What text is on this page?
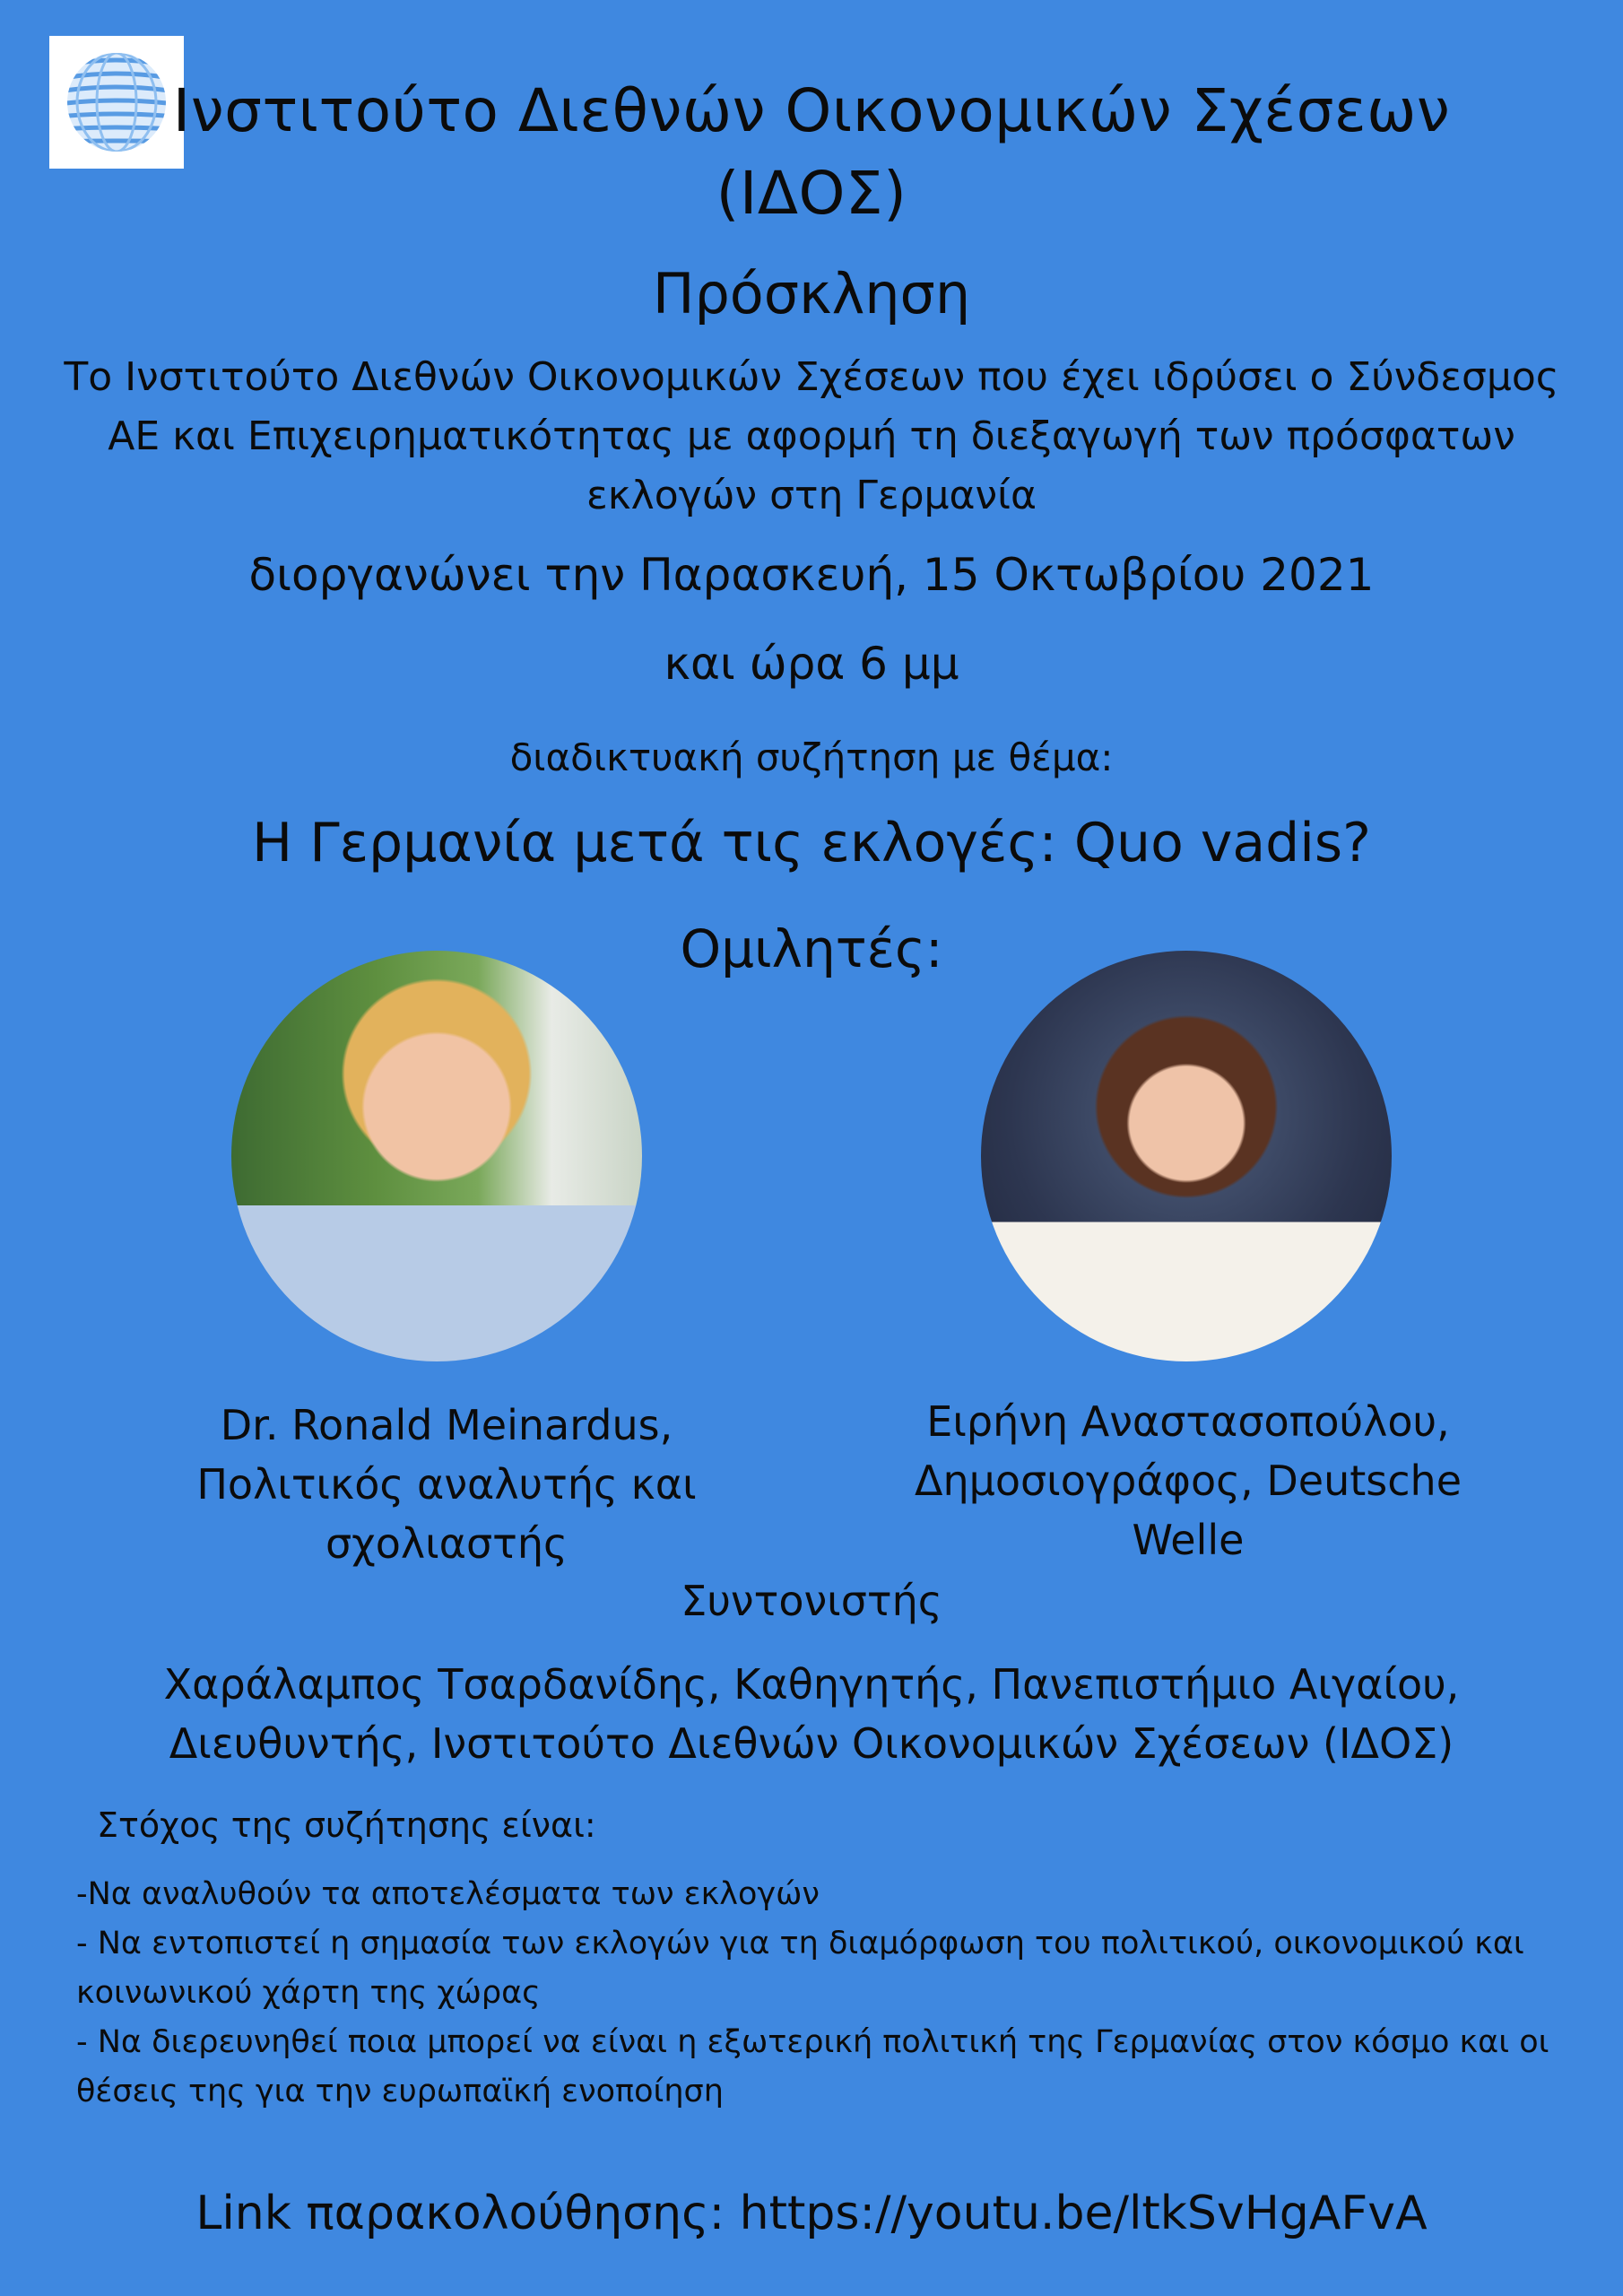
Ινστιτούτο Διεθνών Οικονομικών Σχέσεων
(ΙΔΟΣ)
Πρόσκληση
Το Ινστιτούτο Διεθνών Οικονομικών Σχέσεων που έχει ιδρύσει ο Σύνδεσμος
ΑΕ και Επιχειρηματικότητας με αφορμή τη διεξαγωγή των πρόσφατων
εκλογών στη Γερμανία
διοργανώνει την Παρασκευή, 15 Οκτωβρίου 2021
και ώρα 6 μμ
διαδικτυακή συζήτηση με θέμα:
Η Γερμανία μετά τις εκλογές: Quo vadis?
Ομιλητές:
Dr. Ronald Meinardus,
Πολιτικός αναλυτής και
σχολιαστής
Ειρήνη Αναστασοπούλου,
Δημοσιογράφος, Deutsche
Welle
Συντονιστής
Χαράλαμπος Τσαρδανίδης, Καθηγητής, Πανεπιστήμιο Αιγαίου,
Διευθυντής, Ινστιτούτο Διεθνών Οικονομικών Σχέσεων (ΙΔΟΣ)
Στόχος της συζήτησης είναι:
-Να αναλυθούν τα αποτελέσματα των εκλογών
- Να εντοπιστεί η σημασία των εκλογών για τη διαμόρφωση του πολιτικού, οικονομικού και
κοινωνικού χάρτη της χώρας
- Να διερευνηθεί ποια μπορεί να είναι η εξωτερική πολιτική της Γερμανίας στον κόσμο και οι
θέσεις της για την ευρωπαϊκή ενοποίηση
Link παρακολούθησης: https://youtu.be/ltkSvHgAFvA
